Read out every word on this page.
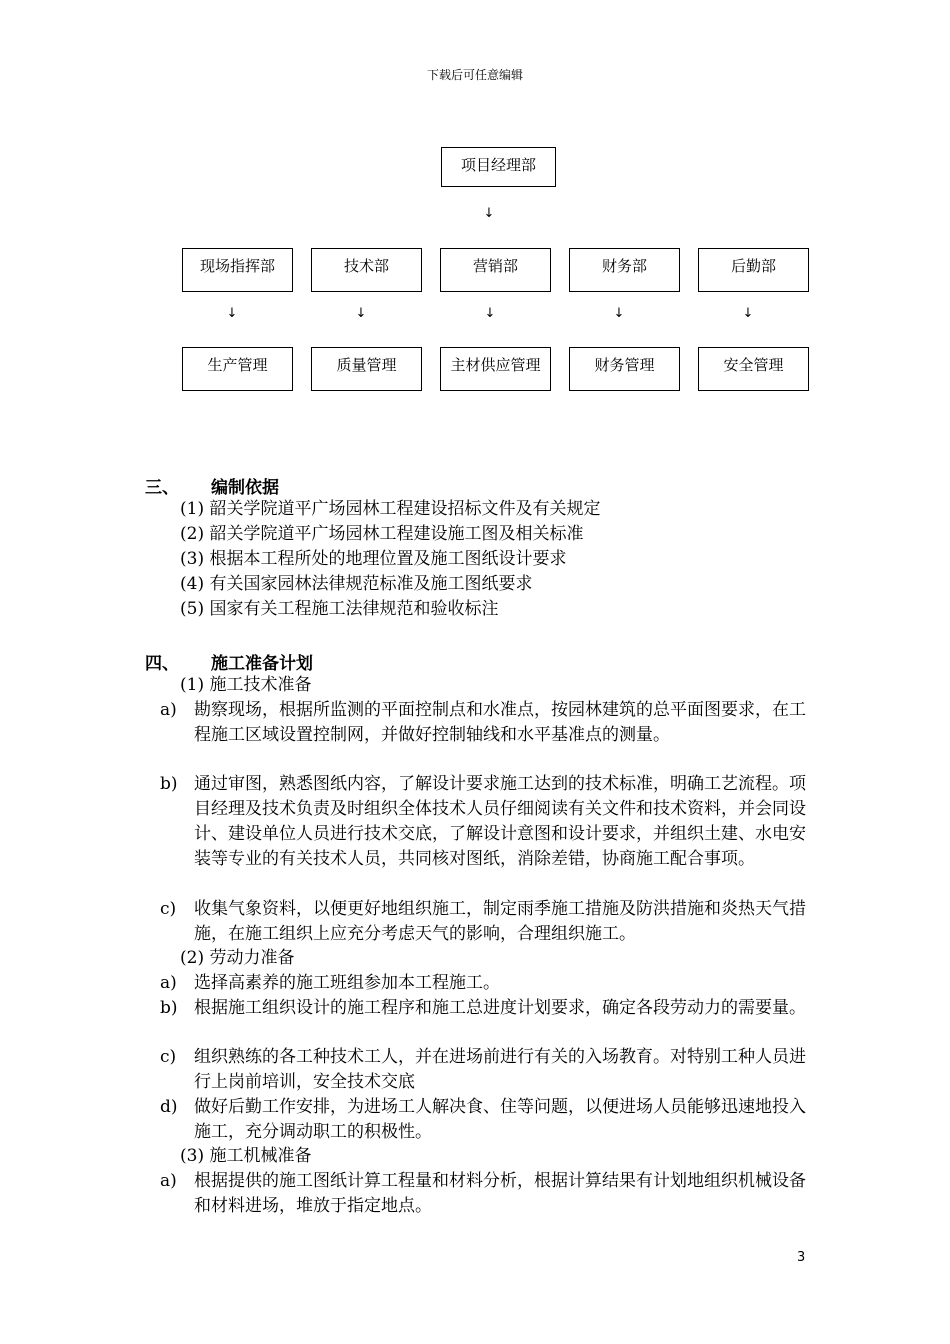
下载后可任意编辑
项目经理部
↓
现场指挥部	技术部	营销部	财务部	后勤部
↓	↓	↓	↓	↓
生产管理	质量管理	主材供应管理	财务管理	安全管理
三、 编制依据
(1) 韶关学院道平广场园林工程建设招标文件及有关规定
(2) 韶关学院道平广场园林工程建设施工图及相关标准
(3) 根据本工程所处的地理位置及施工图纸设计要求
(4) 有关国家园林法律规范标准及施工图纸要求
(5) 国家有关工程施工法律规范和验收标注
四、 施工准备计划
(1) 施工技术准备
a) 勘察现场，根据所监测的平面控制点和水准点，按园林建筑的总平面图要求，在工程施工区域设置控制网，并做好控制轴线和水平基准点的测量。
b) 通过审图，熟悉图纸内容，了解设计要求施工达到的技术标准，明确工艺流程。项目经理及技术负责及时组织全体技术人员仔细阅读有关文件和技术资料，并会同设计、建设单位人员进行技术交底，了解设计意图和设计要求，并组织土建、水电安装等专业的有关技术人员，共同核对图纸，消除差错，协商施工配合事项。
c) 收集气象资料，以便更好地组织施工，制定雨季施工措施及防洪措施和炎热天气措施，在施工组织上应充分考虑天气的影响，合理组织施工。
(2) 劳动力准备
a) 选择高素养的施工班组参加本工程施工。
b) 根据施工组织设计的施工程序和施工总进度计划要求，确定各段劳动力的需要量。
c) 组织熟练的各工种技术工人，并在进场前进行有关的入场教育。对特别工种人员进行上岗前培训，安全技术交底
d) 做好后勤工作安排，为进场工人解决食、住等问题，以便进场人员能够迅速地投入施工，充分调动职工的积极性。
(3) 施工机械准备
a) 根据提供的施工图纸计算工程量和材料分析，根据计算结果有计划地组织机械设备和材料进场，堆放于指定地点。
3
